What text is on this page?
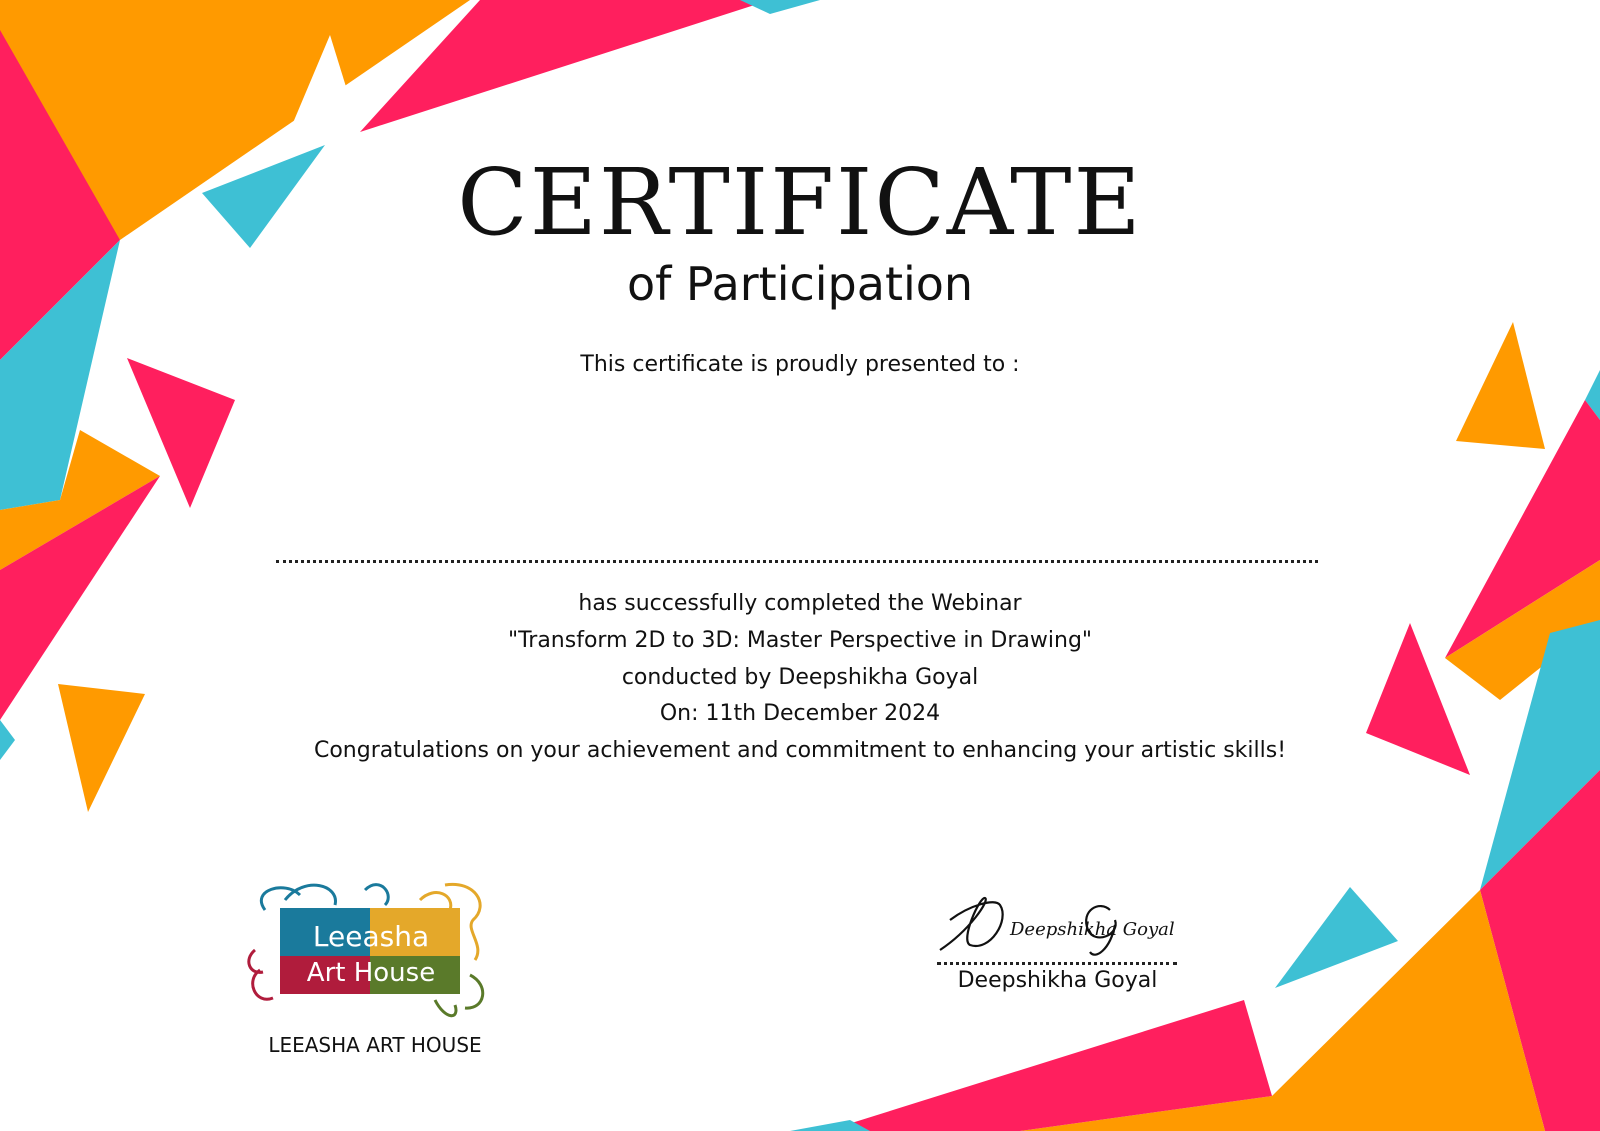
CERTIFICATE
of Participation
This certificate is proudly presented to :
has successfully completed the Webinar
"Transform 2D to 3D: Master Perspective in Drawing"
conducted by Deepshikha Goyal
On: 11th December 2024
Congratulations on your achievement and commitment to enhancing your artistic skills!
Leeasha
Art House
LEEASHA ART HOUSE
Deepshikha Goyal
Deepshikha Goyal
